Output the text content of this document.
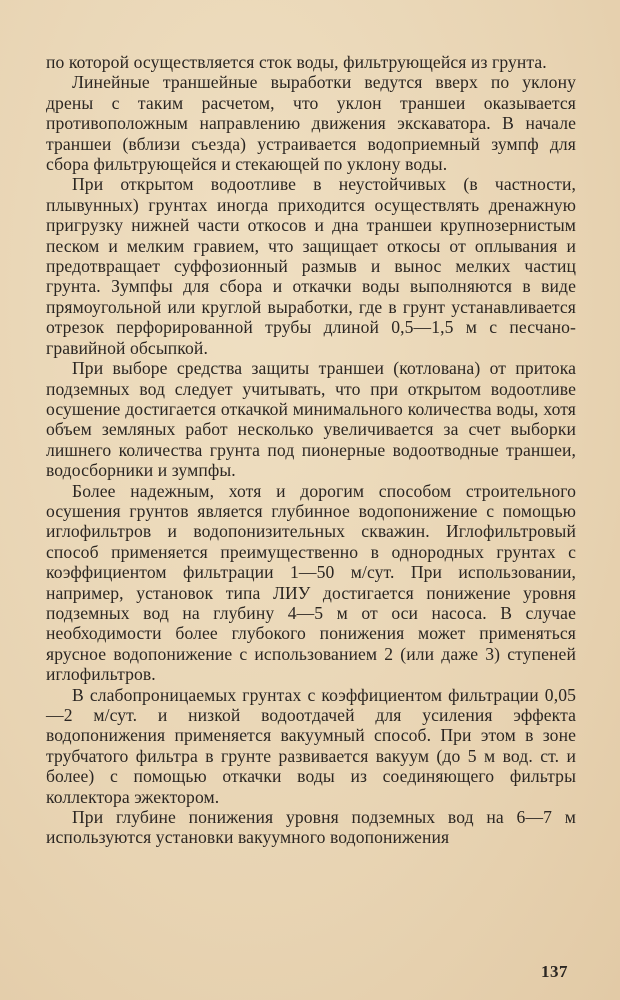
по которой осуществляется сток воды, фильтрующейся из грунта.

Линейные траншейные выработки ведутся вверх по уклону дрены с таким расчетом, что уклон траншеи оказывается противоположным направлению движения экскаватора. В начале траншеи (вблизи съезда) устраивается водоприемный зумпф для сбора фильтрующейся и стекающей по уклону воды.

При открытом водоотливе в неустойчивых (в частности, плывунных) грунтах иногда приходится осуществлять дренажную пригрузку нижней части откосов и дна траншеи крупнозернистым песком и мелким гравием, что защищает откосы от оплывания и предотвращает суффозионный размыв и вынос мелких частиц грунта. Зумпфы для сбора и откачки воды выполняются в виде прямоугольной или круглой выработки, где в грунт устанавливается отрезок перфорированной трубы длиной 0,5—1,5 м с песчано-гравийной обсыпкой.

При выборе средства защиты траншеи (котлована) от притока подземных вод следует учитывать, что при открытом водоотливе осушение достигается откачкой минимального количества воды, хотя объем земляных работ несколько увеличивается за счет выборки лишнего количества грунта под пионерные водоотводные траншеи, водосборники и зумпфы.

Более надежным, хотя и дорогим способом строительного осушения грунтов является глубинное водопонижение с помощью иглофильтров и водопонизительных скважин. Иглофильтровый способ применяется преимущественно в однородных грунтах с коэффициентом фильтрации 1—50 м/сут. При использовании, например, установок типа ЛИУ достигается понижение уровня подземных вод на глубину 4—5 м от оси насоса. В случае необходимости более глубокого понижения может применяться ярусное водопонижение с использованием 2 (или даже 3) ступеней иглофильтров.

В слабопроницаемых грунтах с коэффициентом фильтрации 0,05—2 м/сут. и низкой водоотдачей для усиления эффекта водопонижения применяется вакуумный способ. При этом в зоне трубчатого фильтра в грунте развивается вакуум (до 5 м вод. ст. и более) с помощью откачки воды из соединяющего фильтры коллектора эжектором.

При глубине понижения уровня подземных вод на 6—7 м используются установки вакуумного водопонижения

137
